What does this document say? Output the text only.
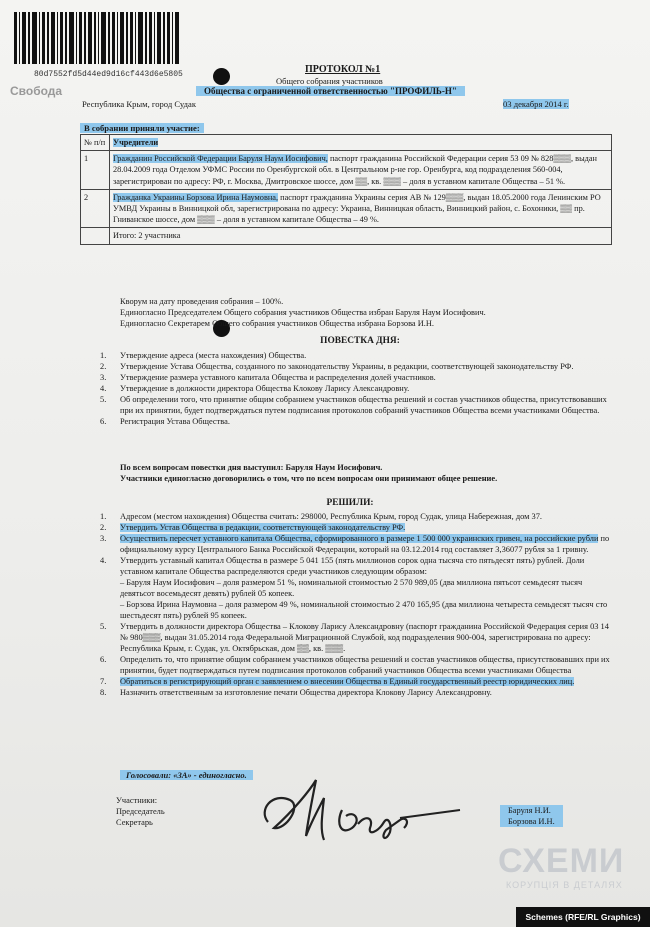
80d7552fd5d44ed9d16cf443d6e5805
Свобода
ПРОТОКОЛ №1
Общего собрания участников
Общества с ограниченной ответственностью "ПРОФИЛЬ-Н"
Республика Крым, город Судак	03 декабря 2014 г.
В собрании приняли участие:
№ п/п	Учредители
1	Гражданин Российской Федерации Баруля Наум Иосифович, паспорт гражданина Российской Федерации серия 53 09 № 828▒▒▒, выдан 28.04.2009 года Отделом УФМС России по Оренбургской обл. в Центральном р-не гор. Оренбурга, код подразделения 560-004, зарегистрирован по адресу: РФ, г. Москва, Дмитровское шоссе, дом ▒▒, кв. ▒▒▒ – доля в уставном капитале Общества – 51 %.
2	Гражданка Украины Борзова Ирина Наумовна, паспорт гражданина Украины серия АВ № 129▒▒▒, выдан 18.05.2000 года Ленинским РО УМВД Украины в Винницкой обл, зарегистрирована по адресу: Украина, Винницкая область, Винницкий район, с. Бохоники, ▒▒ пр. Гниванское шоссе, дом ▒▒▒ – доля в уставном капитале Общества – 49 %.
	Итого: 2 участника
Кворум на дату проведения собрания – 100%.
Единогласно Председателем Общего собрания участников Общества избран Баруля Наум Иосифович.
Единогласно Секретарем Общего собрания участников Общества избрана Борзова И.Н.
ПОВЕСТКА ДНЯ:
1. Утверждение адреса (места нахождения) Общества.
2. Утверждение Устава Общества, созданного по законодательству Украины, в редакции, соответствующей законодательству РФ.
3. Утверждение размера уставного капитала Общества и распределения долей участников.
4. Утверждение в должности директора Общества Клокову Ларису Александровну.
5. Об определении того, что принятие общим собранием участников общества решений и состав участников общества, присутствовавших при их принятии, будет подтверждаться путем подписания протоколов собраний участников Общества всеми участниками Общества.
6. Регистрация Устава Общества.
По всем вопросам повестки дня выступил: Баруля Наум Иосифович.
Участники единогласно договорились о том, что по всем вопросам они принимают общее решение.
РЕШИЛИ:
1. Адресом (местом нахождения) Общества считать: 298000, Республика Крым, город Судак, улица Набережная, дом 37.
2. Утвердить Устав Общества в редакции, соответствующей законодательству РФ.
3. Осуществить пересчет уставного капитала Общества, сформированного в размере 1 500 000 украинских гривен, на российские рубли по официальному курсу Центрального Банка Российской Федерации, который на 03.12.2014 год составляет 3,36077 рубля за 1 гривну.
4. Утвердить уставный капитал Общества в размере 5 041 155 (пять миллионов сорок одна тысяча сто пятьдесят пять) рублей. Доли уставном капитале Общества распределяются среди участников следующим образом:
– Баруля Наум Иосифович – доля размером 51 %, номинальной стоимостью 2 570 989,05 (два миллиона пятьсот семьдесят тысяч девятьсот восемьдесят девять) рублей 05 копеек.
– Борзова Ирина Наумовна – доля размером 49 %, номинальной стоимостью 2 470 165,95 (два миллиона четыреста семьдесят тысяч сто шестьдесят пять) рублей 95 копеек.
5. Утвердить в должности директора Общества – Клокову Ларису Александровну (паспорт гражданина Российской Федерация серия 03 14 № 980▒▒▒, выдан 31.05.2014 года Федеральной Миграционной Службой, код подразделения 900-004, зарегистрирована по адресу: Республика Крым, г. Судак, ул. Октябрьская, дом ▒▒, кв. ▒▒▒.
6. Определить то, что принятие общим собранием участников общества решений и состав участников общества, присутствовавших при их принятии, будет подтверждаться путем подписания протоколов собраний участников Общества всеми участниками Общества
7. Обратиться в регистрирующий орган с заявлением о внесении Общества в Единый государственный реестр юридических лиц.
8. Назначить ответственным за изготовление печати Общества директора Клокову Ларису Александровну.
Голосовали: «ЗА» - единогласно.
Участники:
Председатель
Секретарь
Баруля Н.И.
Борзова И.Н.
СХЕМИ
КОРУПЦІЯ В ДЕТАЛЯХ
Schemes (RFE/RL Graphics)
